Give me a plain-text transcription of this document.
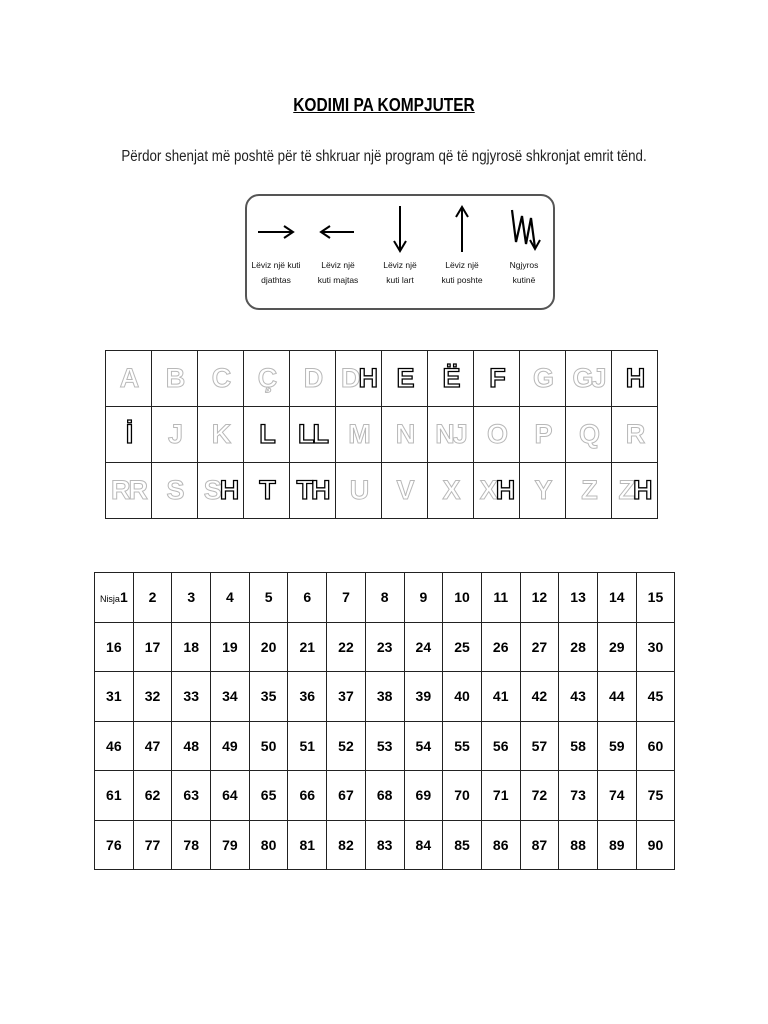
KODIMI PA KOMPJUTER
Përdor shenjat më poshtë për të shkruar një program që të ngjyrosë shkronjat emrit tënd.
Lëviz një kuti
djathtas
Lëviz një
kuti majtas
Lëviz një
kuti lart
Lëviz një
kuti poshte
Ngjyros
kutinë
A	B	C	Ç	D	DH	E	Ë	F	G	GJ	H
İ	J	K	L	LL	M	N	NJ	O	P	Q	R
RR	S	SH	T	TH	U	V	X	XH	Y	Z	ZH
Nisja1	2	3	4	5	6	7	8	9	10	11	12	13	14	15
16	17	18	19	20	21	22	23	24	25	26	27	28	29	30
31	32	33	34	35	36	37	38	39	40	41	42	43	44	45
46	47	48	49	50	51	52	53	54	55	56	57	58	59	60
61	62	63	64	65	66	67	68	69	70	71	72	73	74	75
76	77	78	79	80	81	82	83	84	85	86	87	88	89	90
